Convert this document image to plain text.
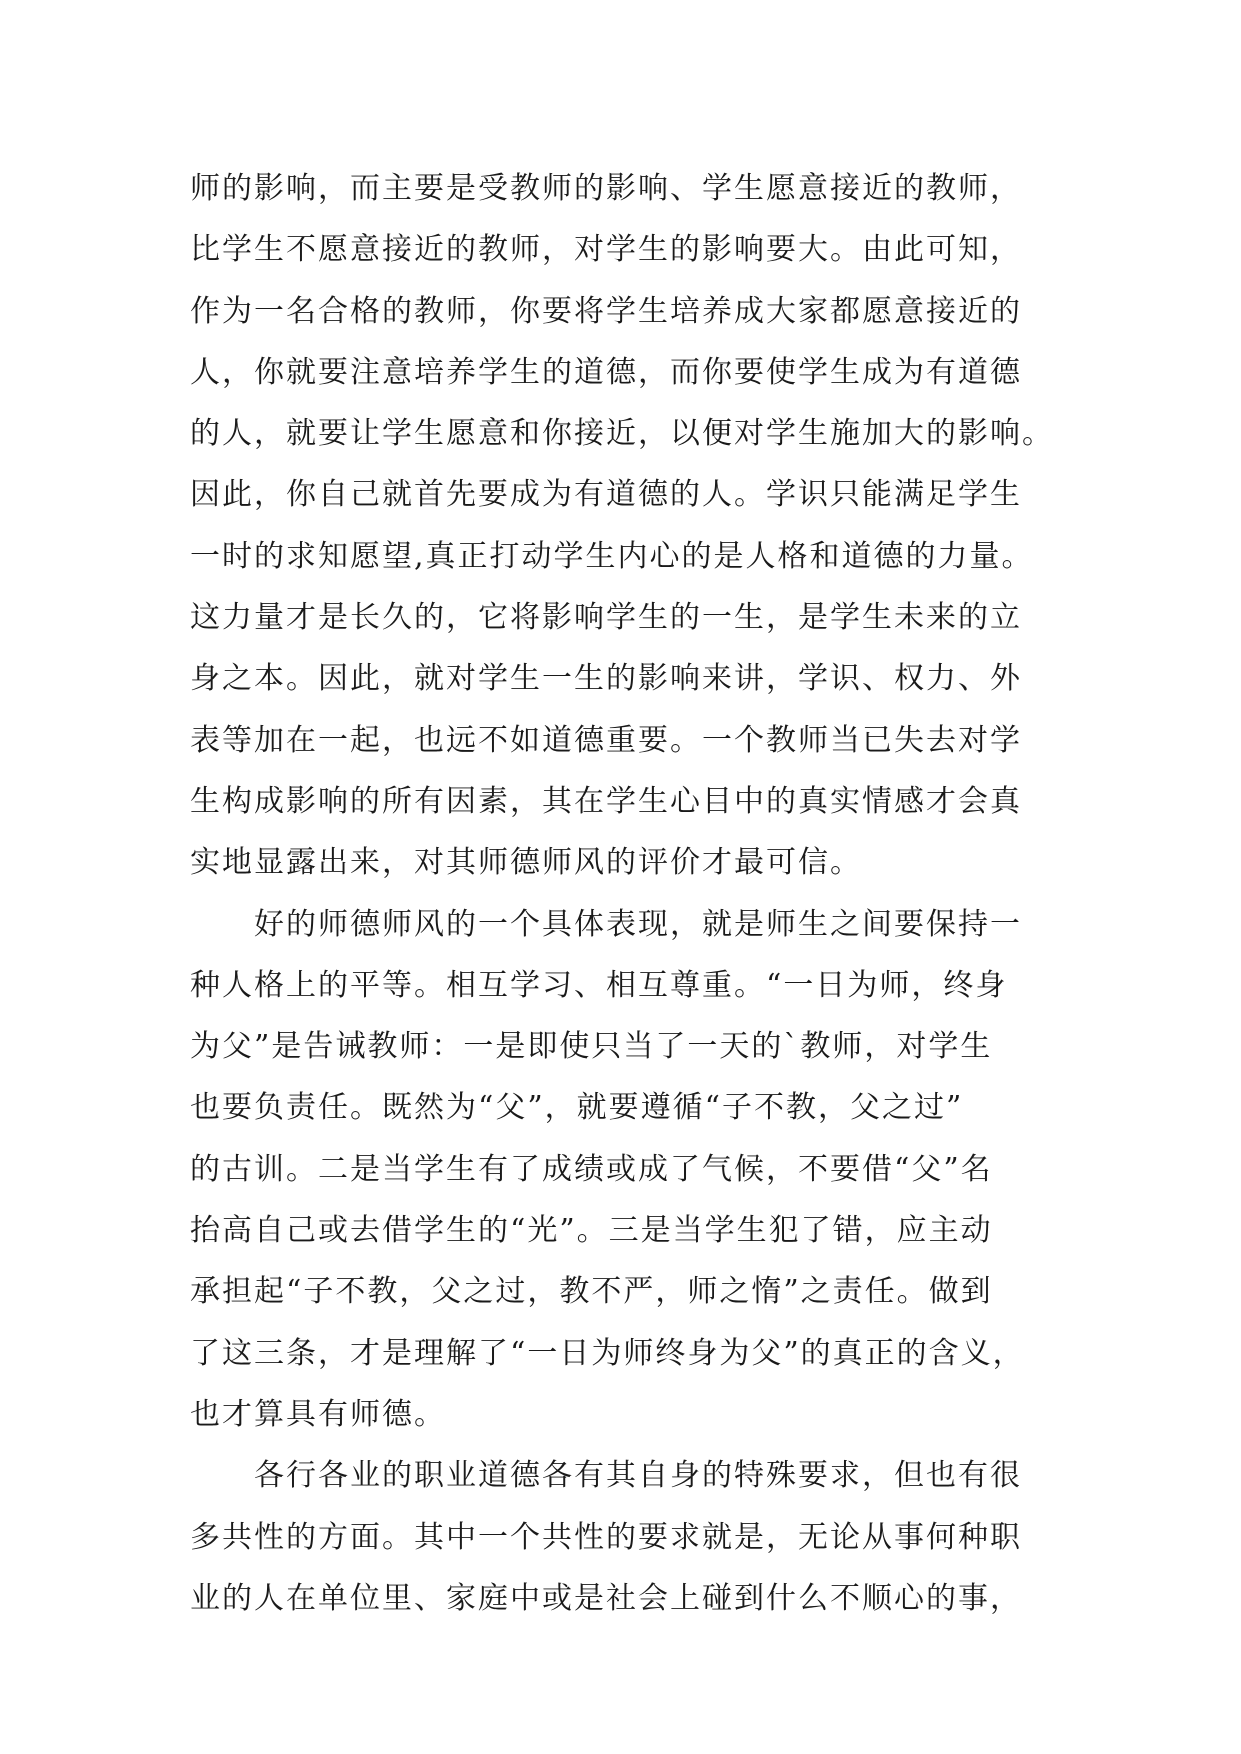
师的影响，而主要是受教师的影响、学生愿意接近的教师，
比学生不愿意接近的教师，对学生的影响要大。由此可知，
作为一名合格的教师，你要将学生培养成大家都愿意接近的
人，你就要注意培养学生的道德，而你要使学生成为有道德
的人，就要让学生愿意和你接近，以便对学生施加大的影响。
因此，你自己就首先要成为有道德的人。学识只能满足学生
一时的求知愿望,真正打动学生内心的是人格和道德的力量。
这力量才是长久的，它将影响学生的一生，是学生未来的立
身之本。因此，就对学生一生的影响来讲，学识、权力、外
表等加在一起，也远不如道德重要。一个教师当已失去对学
生构成影响的所有因素，其在学生心目中的真实情感才会真
实地显露出来，对其师德师风的评价才最可信。
好的师德师风的一个具体表现，就是师生之间要保持一
种人格上的平等。相互学习、相互尊重。“一日为师，终身
为父”是告诫教师：一是即使只当了一天的`教师，对学生
也要负责任。既然为“父”，就要遵循“子不教，父之过”
的古训。二是当学生有了成绩或成了气候，不要借“父”名
抬高自己或去借学生的“光”。三是当学生犯了错，应主动
承担起“子不教，父之过，教不严，师之惰”之责任。做到
了这三条，才是理解了“一日为师终身为父”的真正的含义，
也才算具有师德。
各行各业的职业道德各有其自身的特殊要求，但也有很
多共性的方面。其中一个共性的要求就是，无论从事何种职
业的人在单位里、家庭中或是社会上碰到什么不顺心的事，
